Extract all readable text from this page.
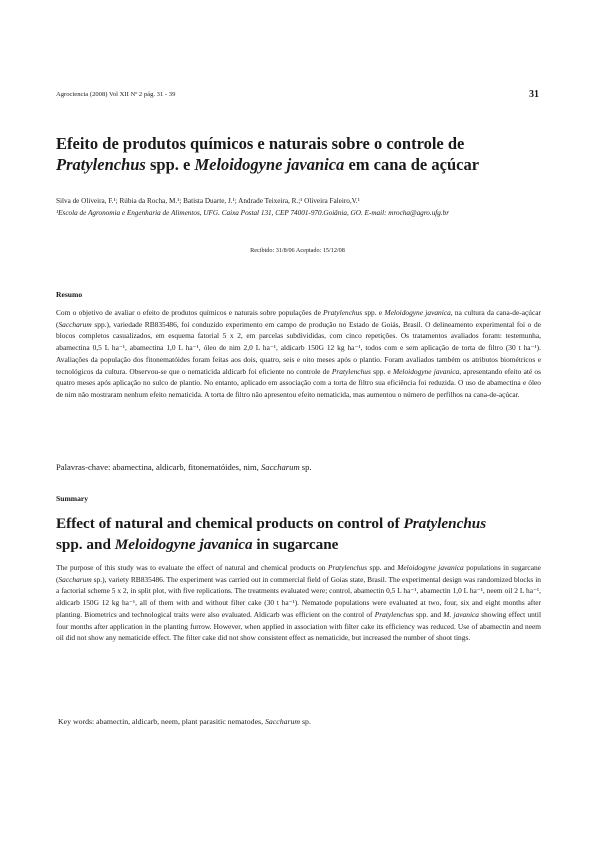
Agrociencia (2008) Vol XII Nº 2 pág. 31 - 39	31
Efeito de produtos químicos e naturais sobre o controle de
Pratylenchus spp. e Meloidogyne javanica em cana de açúcar
Silva de Oliveira, F.¹; Rúbia da Rocha, M.¹; Batista Duarte, J.¹; Andrade Teixeira, R.;¹ Oliveira Faleiro,V.¹
¹Escola de Agronomia e Engenharia de Alimentos, UFG. Caixa Postal 131, CEP 74001-970.Goiânia, GO. E-mail: mrocha@agro.ufg.br
Recibido: 31/8/06 Aceptado: 15/12/08
Resumo
Com o objetivo de avaliar o efeito de produtos químicos e naturais sobre populações de Pratylenchus spp. e Meloidogyne javanica, na cultura da cana-de-açúcar (Saccharum spp.), variedade RB835486, foi conduzido experimento em campo de produção no Estado de Goiás, Brasil. O delineamento experimental foi o de blocos completos casualizados, em esquema fatorial 5 x 2, em parcelas subdivididas, com cinco repetições. Os tratamentos avaliados foram: testemunha, abamectina 0,5 L ha⁻¹, abamectina 1,0 L ha⁻¹, óleo de nim 2,0 L ha⁻¹, aldicarb 150G 12 kg ha⁻¹, todos com e sem aplicação de torta de filtro (30 t ha⁻¹). Avaliações da população dos fitonematóides foram feitas aos dois, quatro, seis e oito meses após o plantio. Foram avaliados também os atributos biométricos e tecnológicos da cultura. Observou-se que o nematicida aldicarb foi eficiente no controle de Pratylenchus spp. e Meloidogyne javanica, apresentando efeito até os quatro meses após aplicação no sulco de plantio. No entanto, aplicado em associação com a torta de filtro sua eficiência foi reduzida. O uso de abamectina e óleo de nim não mostraram nenhum efeito nematicida. A torta de filtro não apresentou efeito nematicida, mas aumentou o número de perfilhos na cana-de-açúcar.
Palavras-chave: abamectina, aldicarb, fitonematóides, nim, Saccharum sp.
Summary
Effect of natural and chemical products on control of Pratylenchus
spp. and Meloidogyne javanica in sugarcane
The purpose of this study was to evaluate the effect of natural and chemical products on Pratylenchus spp. and Meloidogyne javanica populations in sugarcane (Saccharum sp.), variety RB835486. The experiment was carried out in commercial field of Goias state, Brasil. The experimental design was randomized blocks in a factorial scheme 5 x 2, in split plot, with five replications. The treatments evaluated were; control, abamectin 0,5 L ha⁻¹, abamectin 1,0 L ha⁻¹, neem oil 2 L ha⁻¹, aldicarb 150G 12 kg ha⁻¹, all of them with and without filter cake (30 t ha⁻¹). Nematode populations were evaluated at two, four, six and eight months after planting. Biometrics and technological traits were also evaluated. Aldicarb was efficient on the control of Pratylenchus spp. and M. javanica showing effect until four months after application in the planting furrow. However, when applied in association with filter cake its efficiency was reduced. Use of abamectin and neem oil did not show any nematicide effect. The filter cake did not show consistent effect as nematicide, but increased the number of shoot tings.
Key words: abamectin, aldicarb, neem, plant parasitic nematodes, Saccharum sp.
